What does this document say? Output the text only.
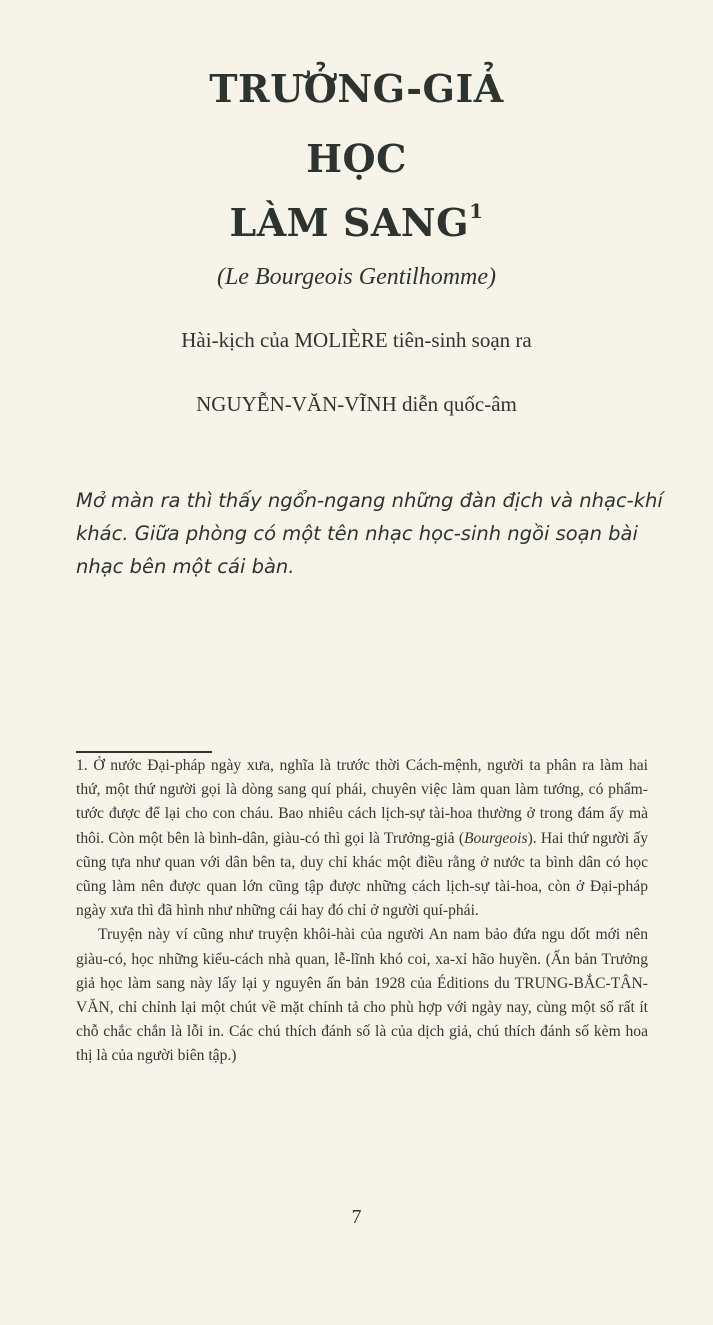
TRƯỞNG-GIẢ
HỌC
LÀM SANG$^1$
(Le Bourgeois Gentilhomme)
Hài-kịch của MOLIÈRE tiên-sinh soạn ra
NGUYỄN-VĂN-VĨNH diễn quốc-âm
Mở màn ra thì thấy ngổn-ngang những đàn địch và nhạc-khí khác. Giữa phòng có một tên nhạc học-sinh ngồi soạn bài nhạc bên một cái bàn.

1. Ở nước Đại-pháp ngày xưa, nghĩa là trước thời Cách-mệnh, người ta phân ra làm hai thứ, một thứ người gọi là dòng sang quí phái, chuyên việc làm quan làm tướng, có phẩm-tước được để lại cho con cháu. Bao nhiêu cách lịch-sự tài-hoa thường ở trong đám ấy mà thôi. Còn một bên là bình-dân, giàu-có thì gọi là Trưởng-giả (Bourgeois). Hai thứ người ấy cũng tựa như quan với dân bên ta, duy chỉ khác một điều rằng ở nước ta bình dân có học cũng làm nên được quan lớn cũng tập được những cách lịch-sự tài-hoa, còn ở Đại-pháp ngày xưa thì đã hình như những cái hay đó chỉ ở người quí-phái.

Truyện này ví cũng như truyện khôi-hài của người An nam bảo đứa ngu dốt mới nên giàu-có, học những kiểu-cách nhà quan, lễ-lĩnh khó coi, xa-xỉ hão huyền. (Ấn bản Trưởng giả học làm sang này lấy lại y nguyên ấn bản 1928 của Éditions du TRUNG-BẮC-TÂN-VĂN, chỉ chỉnh lại một chút về mặt chính tả cho phù hợp với ngày nay, cùng một số rất ít chỗ chắc chắn là lỗi in. Các chú thích đánh số là của dịch giả, chú thích đánh số kèm hoa thị là của người biên tập.)

7
